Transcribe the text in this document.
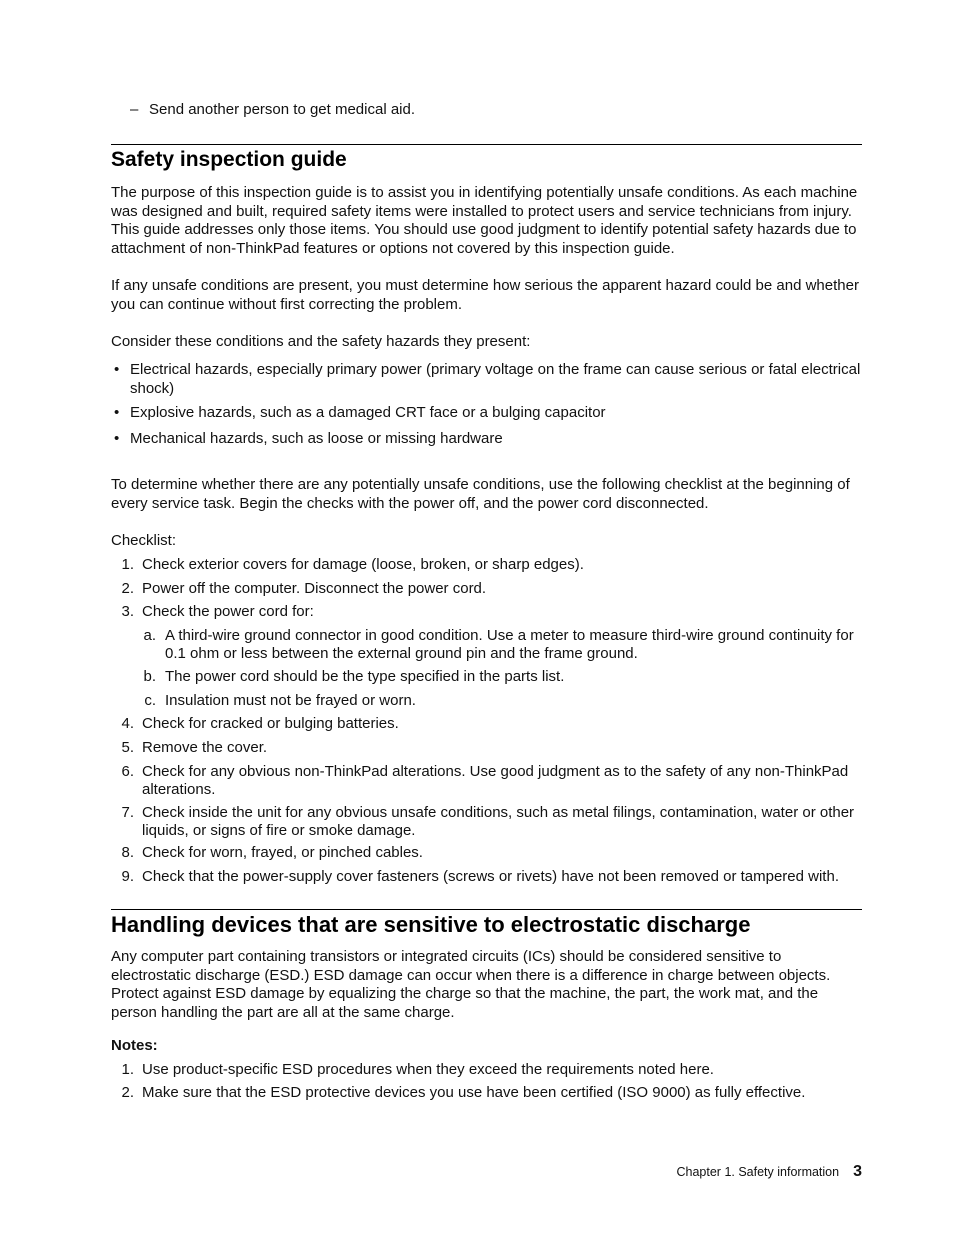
– Send another person to get medical aid.
Safety inspection guide

The purpose of this inspection guide is to assist you in identifying potentially unsafe conditions. As each machine was designed and built, required safety items were installed to protect users and service technicians from injury. This guide addresses only those items. You should use good judgment to identify potential safety hazards due to attachment of non-ThinkPad features or options not covered by this inspection guide.

If any unsafe conditions are present, you must determine how serious the apparent hazard could be and whether you can continue without first correcting the problem.

Consider these conditions and the safety hazards they present:

• Electrical hazards, especially primary power (primary voltage on the frame can cause serious or fatal electrical shock)
• Explosive hazards, such as a damaged CRT face or a bulging capacitor
• Mechanical hazards, such as loose or missing hardware

To determine whether there are any potentially unsafe conditions, use the following checklist at the beginning of every service task. Begin the checks with the power off, and the power cord disconnected.

Checklist:

1. Check exterior covers for damage (loose, broken, or sharp edges).
2. Power off the computer. Disconnect the power cord.
3. Check the power cord for:
a. A third-wire ground connector in good condition. Use a meter to measure third-wire ground continuity for 0.1 ohm or less between the external ground pin and the frame ground.
b. The power cord should be the type specified in the parts list.
c. Insulation must not be frayed or worn.
4. Check for cracked or bulging batteries.
5. Remove the cover.
6. Check for any obvious non-ThinkPad alterations. Use good judgment as to the safety of any non-ThinkPad alterations.
7. Check inside the unit for any obvious unsafe conditions, such as metal filings, contamination, water or other liquids, or signs of fire or smoke damage.
8. Check for worn, frayed, or pinched cables.
9. Check that the power-supply cover fasteners (screws or rivets) have not been removed or tampered with.
Handling devices that are sensitive to electrostatic discharge

Any computer part containing transistors or integrated circuits (ICs) should be considered sensitive to electrostatic discharge (ESD.) ESD damage can occur when there is a difference in charge between objects. Protect against ESD damage by equalizing the charge so that the machine, the part, the work mat, and the person handling the part are all at the same charge.

Notes:

1. Use product-specific ESD procedures when they exceed the requirements noted here.
2. Make sure that the ESD protective devices you use have been certified (ISO 9000) as fully effective.
Chapter 1. Safety information 3
